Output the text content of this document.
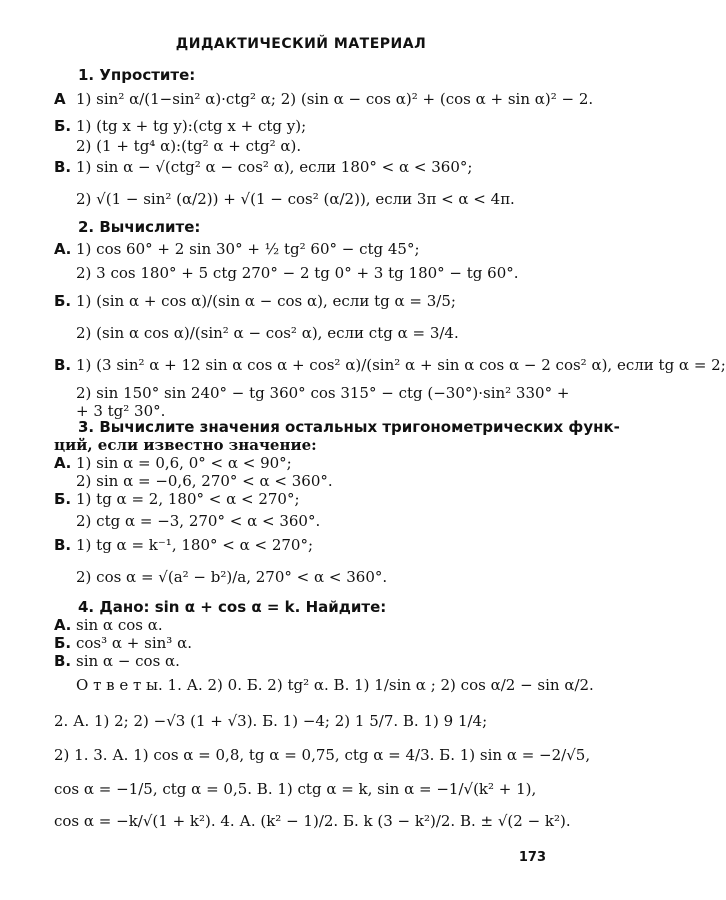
ДИДАКТИЧЕСКИЙ МАТЕРИАЛ
1. Упростите:
А 1) sin² α/(1−sin² α)·ctg² α; 2) (sin α − cos α)² + (cos α + sin α)² − 2.
Б. 1) (tg x + tg y):(ctg x + ctg y);
2) (1 + tg⁴ α):(tg² α + ctg² α).
В. 1) sin α − √(ctg² α − cos² α), если 180° < α < 360°;
2) √(1 − sin² (α/2)) + √(1 − cos² (α/2)), если 3π < α < 4π.
2. Вычислите:
А. 1) cos 60° + 2 sin 30° + ½ tg² 60° − ctg 45°;
2) 3 cos 180° + 5 ctg 270° − 2 tg 0° + 3 tg 180° − tg 60°.
Б. 1) (sin α + cos α)/(sin α − cos α), если tg α = 3/5;
2) (sin α cos α)/(sin² α − cos² α), если ctg α = 3/4.
В. 1) (3 sin² α + 12 sin α cos α + cos² α)/(sin² α + sin α cos α − 2 cos² α), если tg α = 2;
2) sin 150° sin 240° − tg 360° cos 315° − ctg (−30°)·sin² 330° +
+ 3 tg² 30°.
3. Вычислите значения остальных тригонометрических функ-
ций, если известно значение:
А. 1) sin α = 0,6, 0° < α < 90°;
2) sin α = −0,6, 270° < α < 360°.
Б. 1) tg α = 2, 180° < α < 270°;
2) ctg α = −3, 270° < α < 360°.
В. 1) tg α = k⁻¹, 180° < α < 270°;
2) cos α = √(a² − b²)/a, 270° < α < 360°.
4. Дано: sin α + cos α = k. Найдите:
А. sin α cos α.
Б. cos³ α + sin³ α.
В. sin α − cos α.
О т в е т ы. 1. А. 2) 0. Б. 2) tg² α. В. 1) 1/sin α ; 2) cos α/2 − sin α/2.
2. А. 1) 2; 2) −√3 (1 + √3). Б. 1) −4; 2) 1 5/7. В. 1) 9 1/4;
2) 1. 3. А. 1) cos α = 0,8, tg α = 0,75, ctg α = 4/3. Б. 1) sin α = −2/√5,
cos α = −1/5, ctg α = 0,5. В. 1) ctg α = k, sin α = −1/√(k² + 1),
cos α = −k/√(1 + k²). 4. А. (k² − 1)/2. Б. k (3 − k²)/2. В. ± √(2 − k²).
173
